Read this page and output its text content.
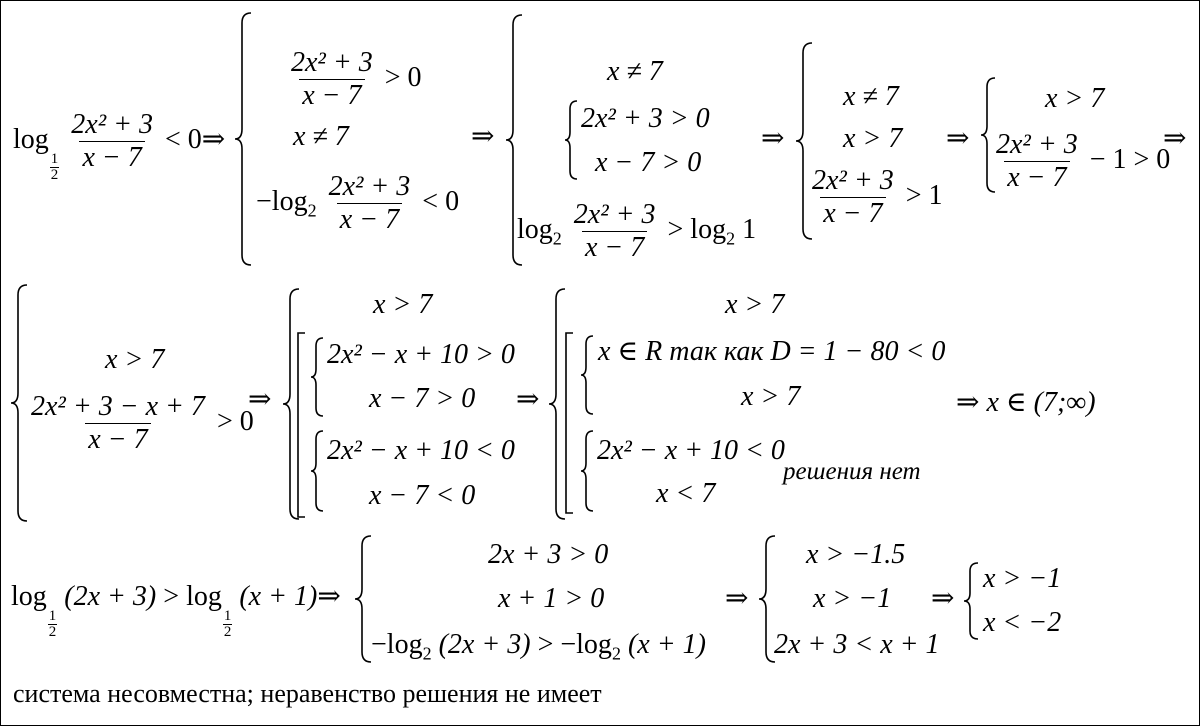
log
$\frac{1}{2}$
$\frac{\text{2x² + 3}}{x - 7}$ < 0⇒
$\frac{\text{2x² + 3}}{x - 7} > 0$
x ≠ 7
$-\log_2 \frac{\text{2x² + 3}}{x - 7} < 0$
⇒
x ≠ 7
2x² + 3 > 0
x − 7 > 0
$\log_2 \frac{\text{2x² + 3}}{x - 7} > \log_2 1$
⇒
x ≠ 7
x > 7
$\frac{\text{2x² + 3}}{x - 7} > 1$
⇒
x > 7
$\frac{\text{2x² + 3}}{x - 7} - 1 > 0$
⇒
x > 7
$\frac{\text{2x² + 3 − x + 7}}{x - 7} > 0$
⇒
x > 7
2x² − x + 10 > 0
x − 7 > 0
2x² − x + 10 < 0
x − 7 < 0
⇒
x > 7
x ∈ R так как D = 1 − 80 < 0
x > 7
2x² − x + 10 < 0
x < 7
решения нет
⇒ x ∈ (7;∞)
log
$\frac{1}{2}$
(2x + 3) > log
$\frac{1}{2}$
(x + 1)⇒
2x + 3 > 0
x + 1 > 0
$-\log_2$ $(2x + 3) > -\log_2$ (x + 1)
⇒
x > −1.5
x > −1
2x + 3 < x + 1
⇒
x > −1
x < −2
система несовместна; неравенство решения не имеет
